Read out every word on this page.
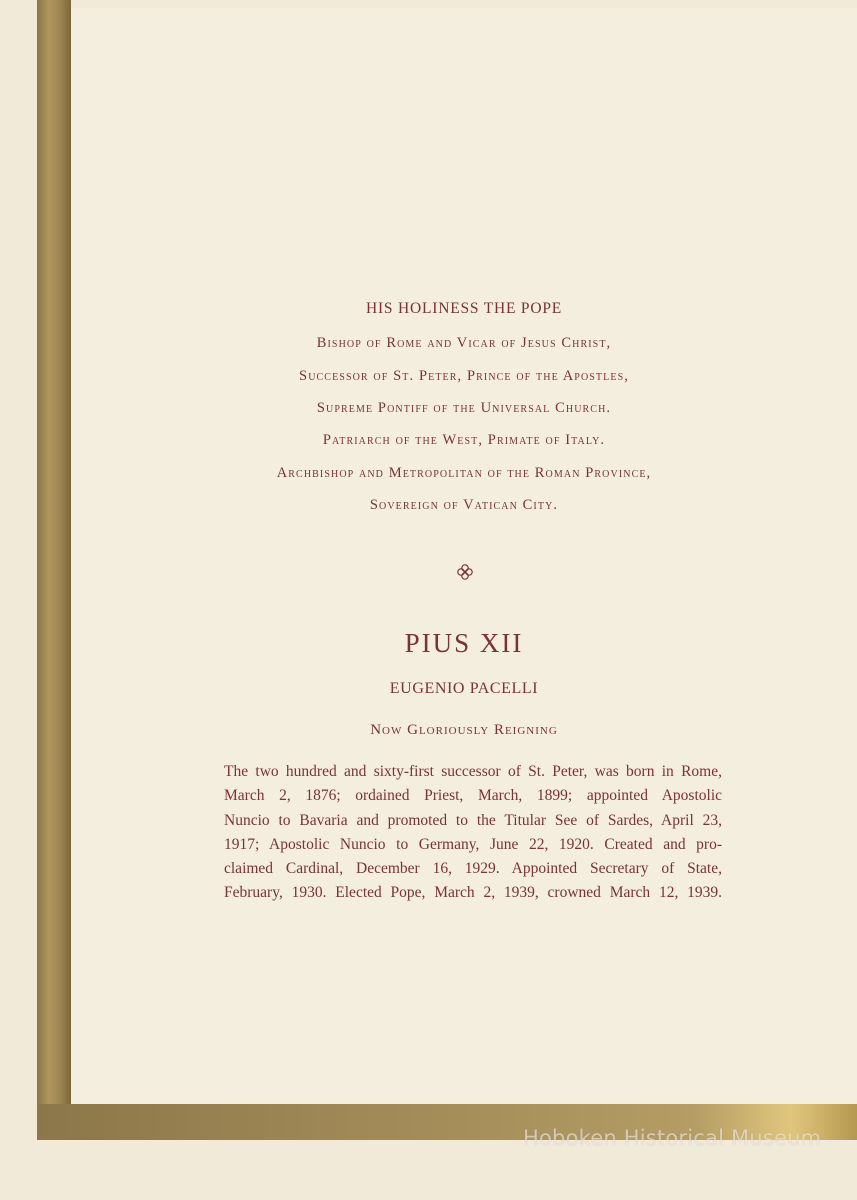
HIS HOLINESS THE POPE

Bishop of Rome and Vicar of Jesus Christ,

Successor of St. Peter, Prince of the Apostles,

Supreme Pontiff of the Universal Church.

Patriarch of the West, Primate of Italy.

Archbishop and Metropolitan of the Roman Province,

Sovereign of Vatican City.

PIUS XII

EUGENIO PACELLI

Now Gloriously Reigning

The two hundred and sixty-first successor of St. Peter, was born in Rome,
March 2, 1876; ordained Priest, March, 1899; appointed Apostolic
Nuncio to Bavaria and promoted to the Titular See of Sardes, April 23,
1917; Apostolic Nuncio to Germany, June 22, 1920. Created and pro-
claimed Cardinal, December 16, 1929. Appointed Secretary of State,
February, 1930. Elected Pope, March 2, 1939, crowned March 12, 1939.
Hoboken Historical Museum
